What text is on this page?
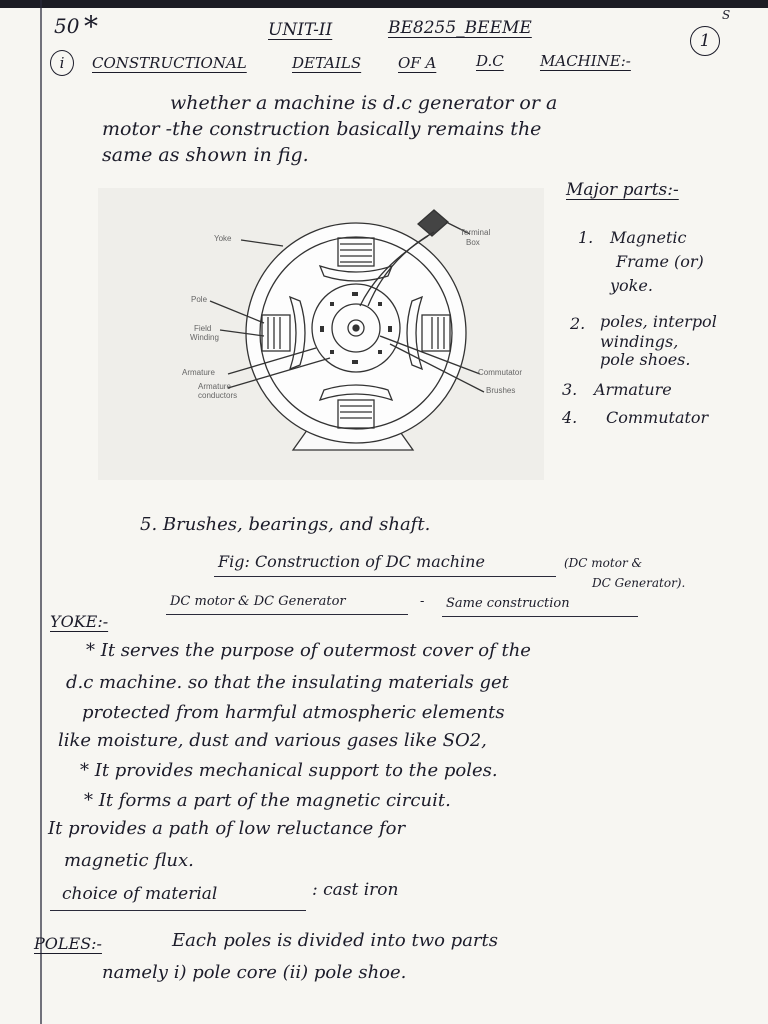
50 *	UNIT-II	BE8255_BEEME
1
S
i	CONSTRUCTIONAL	DETAILS OF A	D.C MACHINE:-
whether a machine is d.c generator or a
motor -the construction basically remains the
same as shown in fig.
Yoke
Pole
Field
Winding
Armature
Armature
conductors
Terminal
Box
Commutator
Brushes
Major parts:-
1. Magnetic
Frame (or)
yoke.
2. poles, interpol
windings,
pole shoes.
3. Armature
4. Commutator
5. Brushes, bearings, and shaft.
Fig: Construction of DC machine	(DC motor &
DC Generator).
DC motor & DC Generator	- Same construction
YOKE:-
* It serves the purpose of outermost cover of the
d.c machine. so that the insulating materials get
protected from harmful atmospheric elements
like moisture, dust and various gases like SO2,
* It provides mechanical support to the poles.
* It forms a part of the magnetic circuit.
It provides a path of low reluctance for
magnetic flux.
choice of material	: cast iron
POLES:-	Each poles is divided into two parts
namely i) pole core (ii) pole shoe.
